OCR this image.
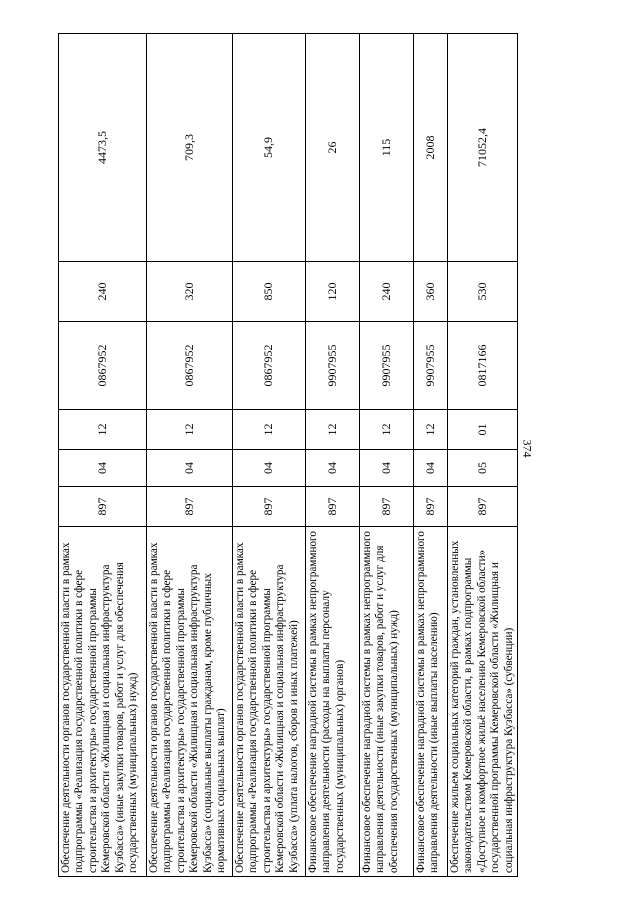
374
Обеспечение деятельности органов государственной власти в рамках подпрограммы «Реализация государственной политики в сфере строительства и архитектуры» государственной программы Кемеровской области «Жилищная и социальная инфраструктура Кузбасса» (иные закупки товаров, работ и услуг для обеспечения государственных (муниципальных) нужд)	897	04	12	0867952	240	4473,5
Обеспечение деятельности органов государственной власти в рамках подпрограммы «Реализация государственной политики в сфере строительства и архитектуры» государственной программы Кемеровской области «Жилищная и социальная инфраструктура Кузбасса» (социальные выплаты гражданам, кроме публичных нормативных социальных выплат)	897	04	12	0867952	320	709,3
Обеспечение деятельности органов государственной власти в рамках подпрограммы «Реализация государственной политики в сфере строительства и архитектуры» государственной программы Кемеровской области «Жилищная и социальная инфраструктура Кузбасса» (уплата налогов, сборов и иных платежей)	897	04	12	0867952	850	54,9
Финансовое обеспечение наградной системы в рамках непрограммного направления деятельности (расходы на выплаты персоналу государственных (муниципальных) органов)	897	04	12	9907955	120	26
Финансовое обеспечение наградной системы в рамках непрограммного направления деятельности (иные закупки товаров, работ и услуг для обеспечения государственных (муниципальных) нужд)	897	04	12	9907955	240	115
Финансовое обеспечение наградной системы в рамках непрограммного направления деятельности (иные выплаты населению)	897	04	12	9907955	360	2008
Обеспечение жильем социальных категорий граждан, установленных законодательством Кемеровской области, в рамках подпрограммы «Доступное и комфортное жильё населению Кемеровской области» государственной программы Кемеровской области «Жилищная и социальная инфраструктура Кузбасса» (субвенции)	897	05	01	0817166	530	71052,4
